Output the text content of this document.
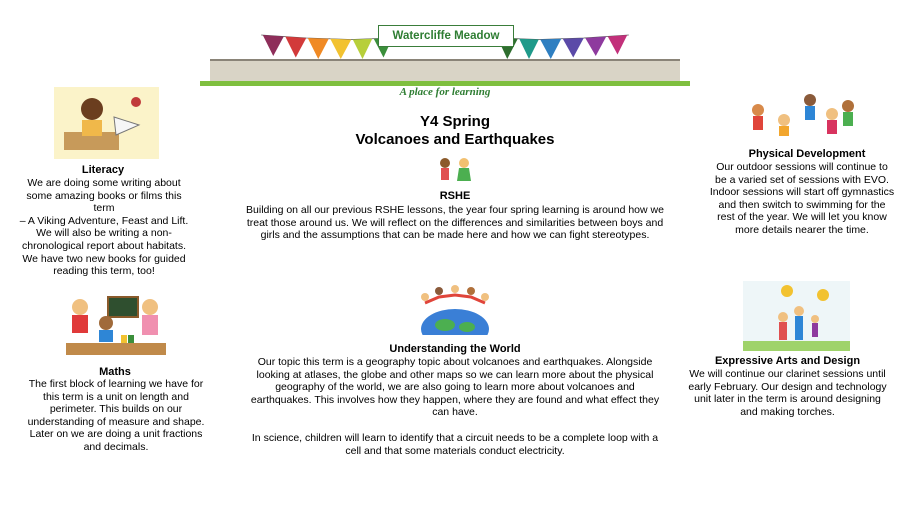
Watercliffe Meadow
A place for learning
Y4 Spring
Volcanoes and Earthquakes
Literacy
We are doing some writing about
some amazing books or films this term
– A Viking Adventure, Feast and Lift.
We will also be writing a non-
chronological report about habitats.
We have two new books for guided
reading this term, too!
RSHE
Building on all our previous RSHE lessons, the year four spring learning is around how we
treat those around us. We will reflect on the differences and similarities between boys and
girls and the assumptions that can be made here and how we can fight stereotypes.
Physical Development
Our outdoor sessions will continue to
be a varied set of sessions with EVO.
Indoor sessions will start off gymnastics
and then switch to swimming for the
rest of the year. We will let you know
more details nearer the time.
Maths
The first block of learning we have for
this term is a unit on length and
perimeter. This builds on our
understanding of measure and shape.
Later on we are doing a unit fractions
and decimals.
Understanding the World
Our topic this term is a geography topic about volcanoes and earthquakes. Alongside
looking at atlases, the globe and other maps so we can learn more about the physical
geography of the world, we are also going to learn more about volcanoes and
earthquakes. This involves how they happen, where they are found and what effect they
can have.
In science, children will learn to identify that a circuit needs to be a complete loop with a
cell and that some materials conduct electricity.
Expressive Arts and Design
We will continue our clarinet sessions until
early February. Our design and technology
unit later in the term is around designing
and making torches.
